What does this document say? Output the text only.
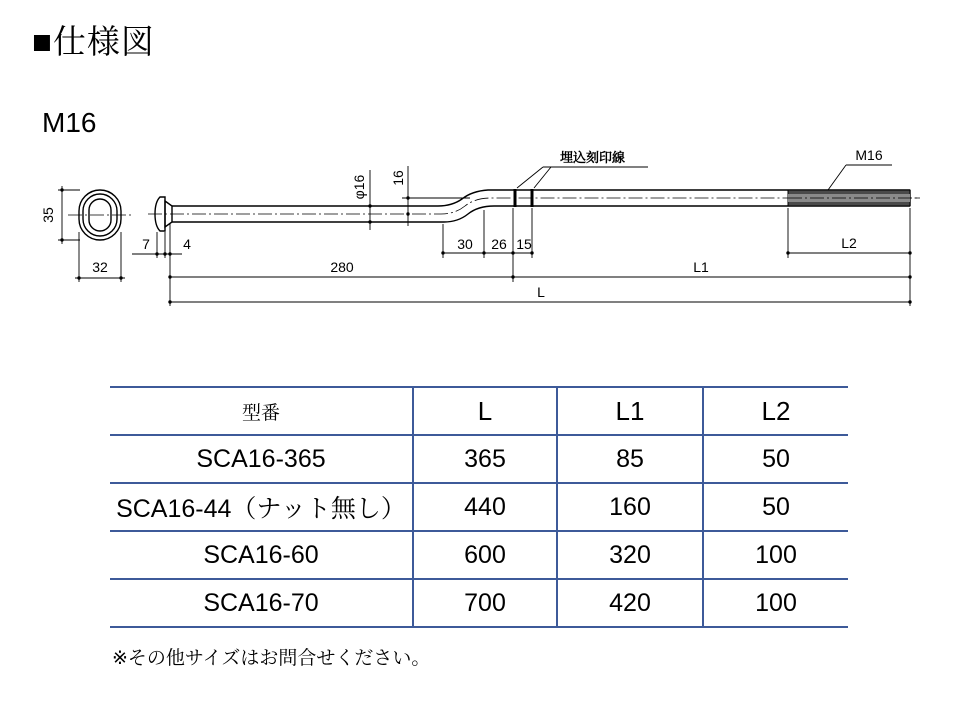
■仕様図
M16
35
32
埋込刻印線	M16
φ16 16
7 4	30 26 15	L2
280	L1
L
型番	L	L1	L2
SCA16-365	365	85	50
SCA16-44（ナット無し）	440	160	50
SCA16-60	600	320	100
SCA16-70	700	420	100
※その他サイズはお問合せください。
